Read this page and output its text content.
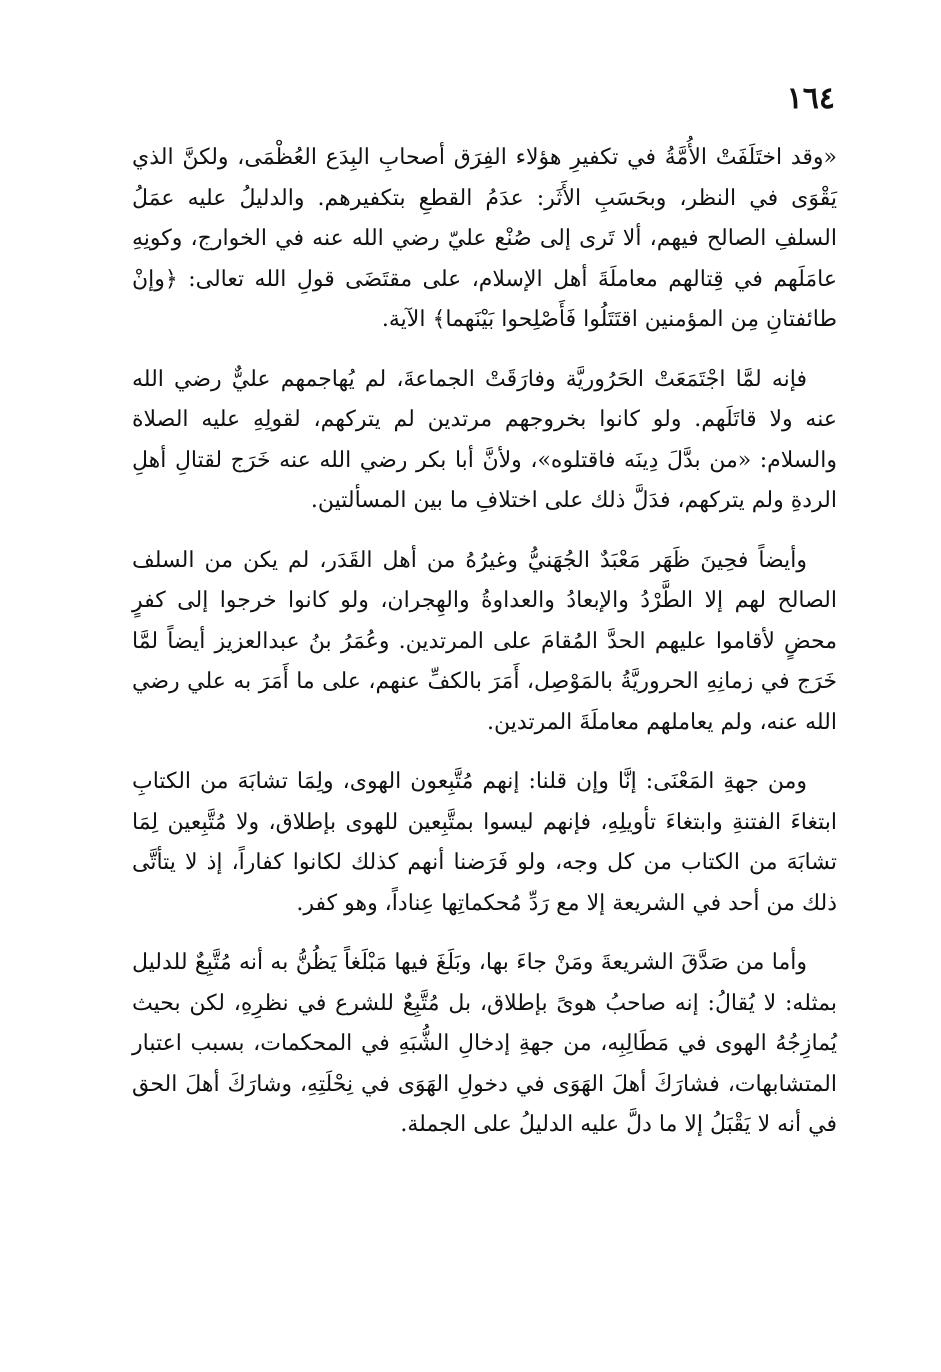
١٦٤

«وقد اختَلَفَتْ الأُمَّةُ في تكفيرِ هؤلاء الفِرَق أصحابِ البِدَع العُظْمَى، ولكنَّ الذي يَقْوَى في النظر، وبحَسَبِ الأَثَر: عدَمُ القطعِ بتكفيرهم. والدليلُ عليه عمَلُ السلفِ الصالح فيهم، ألا تَرى إلى صُنْع عليّ رضي الله عنه في الخوارج، وكونِهِ عامَلَهم في قِتالهم معاملَةَ أهل الإسلام، على مقتَضَى قولِ الله تعالى: ﴿وإنْ طائفتانِ مِن المؤمنين اقتَتَلُوا فَأَصْلِحوا بَيْنَهما﴾ الآية.

فإنه لمَّا اجْتَمَعَتْ الحَرُوريَّة وفارَقَتْ الجماعةَ، لم يُهاجمهم عليٌّ رضي الله عنه ولا قاتَلَهم. ولو كانوا بخروجهم مرتدين لم يتركهم، لقولِهِ عليه الصلاة والسلام: «من بدَّلَ دِينَه فاقتلوه»، ولأنَّ أبا بكر رضي الله عنه خَرَج لقتالِ أهلِ الردةِ ولم يتركهم، فدَلَّ ذلك على اختلافِ ما بين المسألتين.

وأيضاً فحِينَ ظَهَر مَعْبَدٌ الجُهَنيُّ وغيرُهُ من أهل القَدَر، لم يكن من السلف الصالح لهم إلا الطَّرْدُ والإبعادُ والعداوةُ والهِجران، ولو كانوا خرجوا إلى كفرٍ محضٍ لأقاموا عليهم الحدَّ المُقامَ على المرتدين. وعُمَرُ بنُ عبدالعزيز أيضاً لمَّا خَرَج في زمانِهِ الحروريَّةُ بالمَوْصِل، أَمَرَ بالكفِّ عنهم، على ما أَمَرَ به علي رضي الله عنه، ولم يعاملهم معاملَةَ المرتدين.

ومن جهةِ المَعْنَى: إنَّا وإن قلنا: إنهم مُتَّبِعون الهوى، ولِمَا تشابَهَ من الكتابِ ابتغاءَ الفتنةِ وابتغاءَ تأويلِهِ، فإنهم ليسوا بمتَّبِعين للهوى بإطلاق، ولا مُتَّبِعين لِمَا تشابَهَ من الكتاب من كل وجه، ولو فَرَضنا أنهم كذلك لكانوا كفاراً، إذ لا يتأتَّى ذلك من أحد في الشريعة إلا مع رَدِّ مُحكماتِها عِناداً، وهو كفر.

وأما من صَدَّقَ الشريعةَ ومَنْ جاءَ بها، وبَلَغَ فيها مَبْلَغاً يَظُنُّ به أنه مُتَّبِعٌ للدليل بمثله: لا يُقالُ: إنه صاحبُ هوىً بإطلاق، بل مُتَّبِعٌ للشرع في نظرِهِ، لكن بحيث يُمازِجُهُ الهوى في مَطَالِبِه، من جهةِ إدخالِ الشُّبَهِ في المحكمات، بسبب اعتبار المتشابهات، فشارَكَ أهلَ الهَوَى في دخولِ الهَوَى في نِحْلَتِهِ، وشارَكَ أهلَ الحق في أنه لا يَقْبَلُ إلا ما دلَّ عليه الدليلُ على الجملة.
